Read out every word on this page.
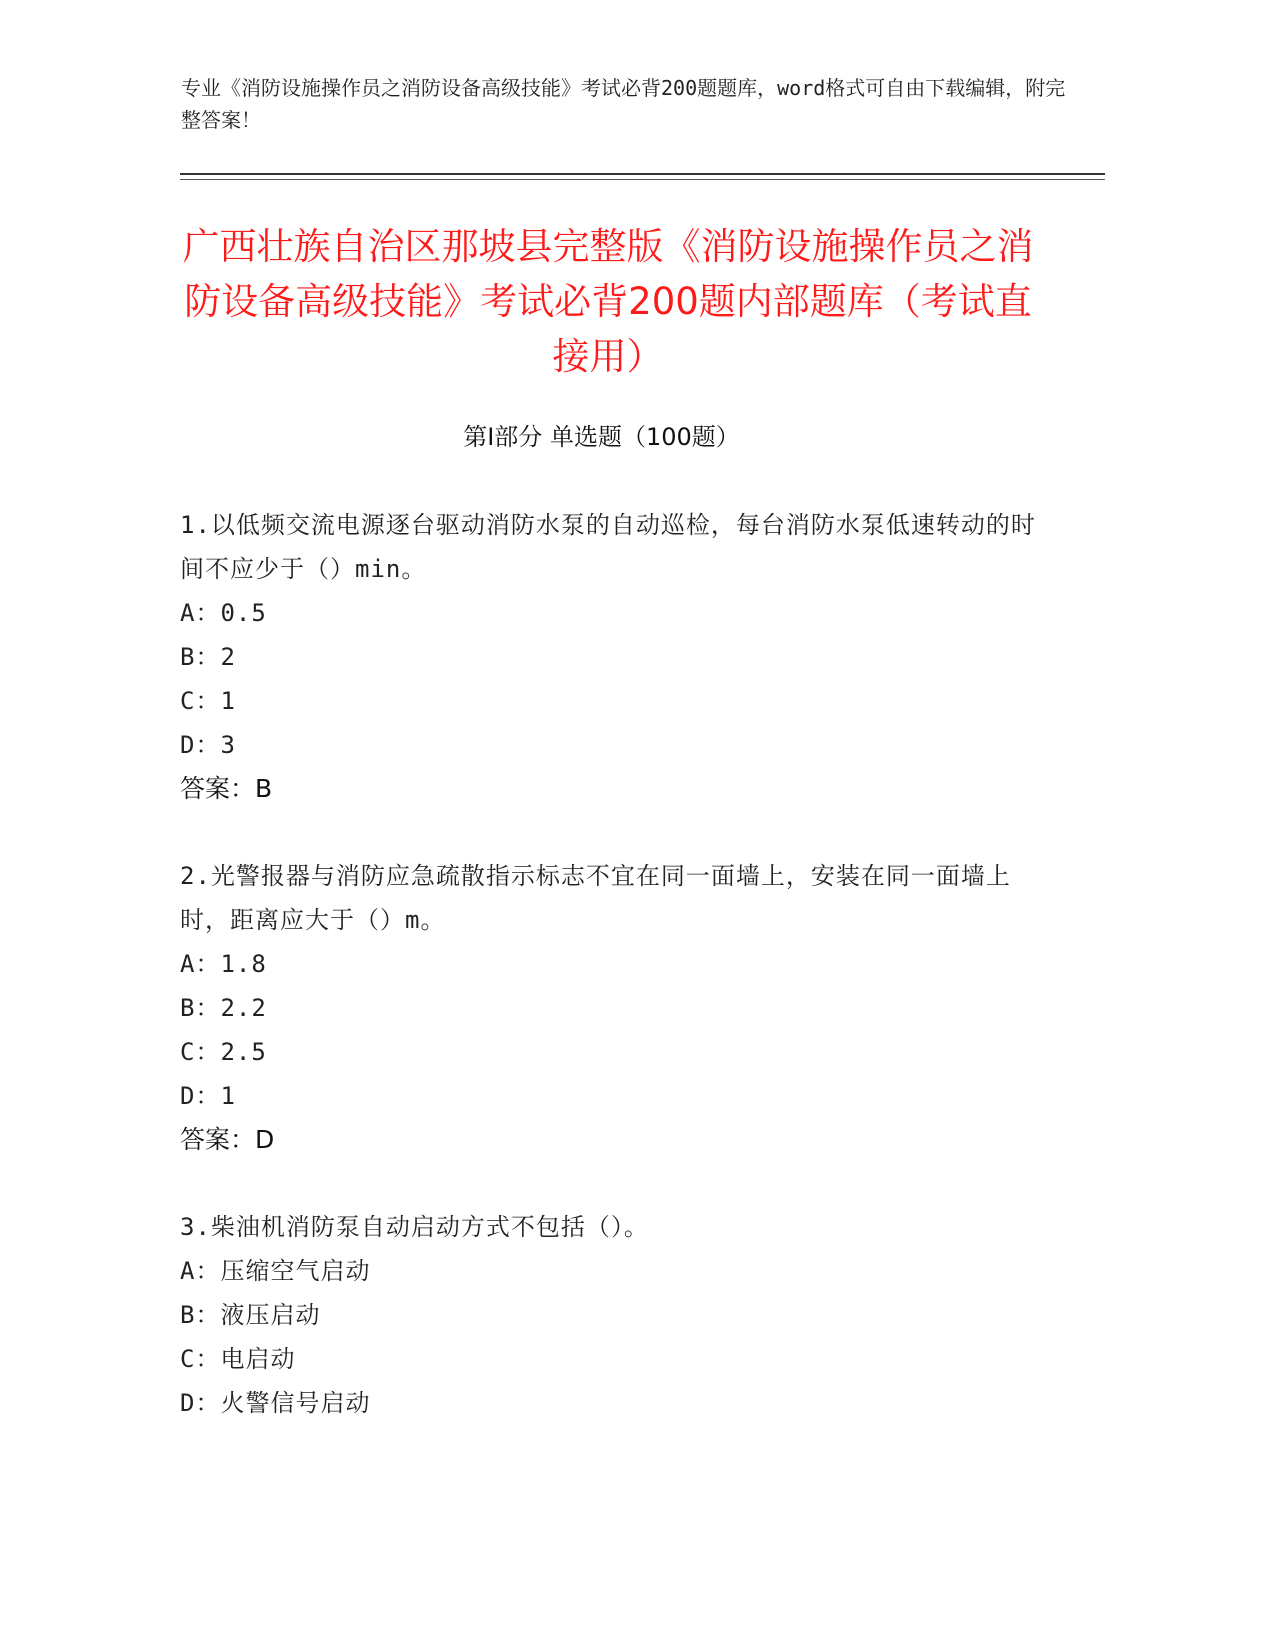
专业《消防设施操作员之消防设备高级技能》考试必背200题题库，word格式可自由下载编辑，附完整答案！
广西壮族自治区那坡县完整版《消防设施操作员之消防设备高级技能》考试必背200题内部题库（考试直接用）
第Ⅰ部分 单选题（100题）
1.以低频交流电源逐台驱动消防水泵的自动巡检，每台消防水泵低速转动的时间不应少于（）min。
A：0.5
B：2
C：1
D：3
答案：B
2.光警报器与消防应急疏散指示标志不宜在同一面墙上，安装在同一面墙上时，距离应大于（）m。
A：1.8
B：2.2
C：2.5
D：1
答案：D
3.柴油机消防泵自动启动方式不包括（）。
A：压缩空气启动
B：液压启动
C：电启动
D：火警信号启动
